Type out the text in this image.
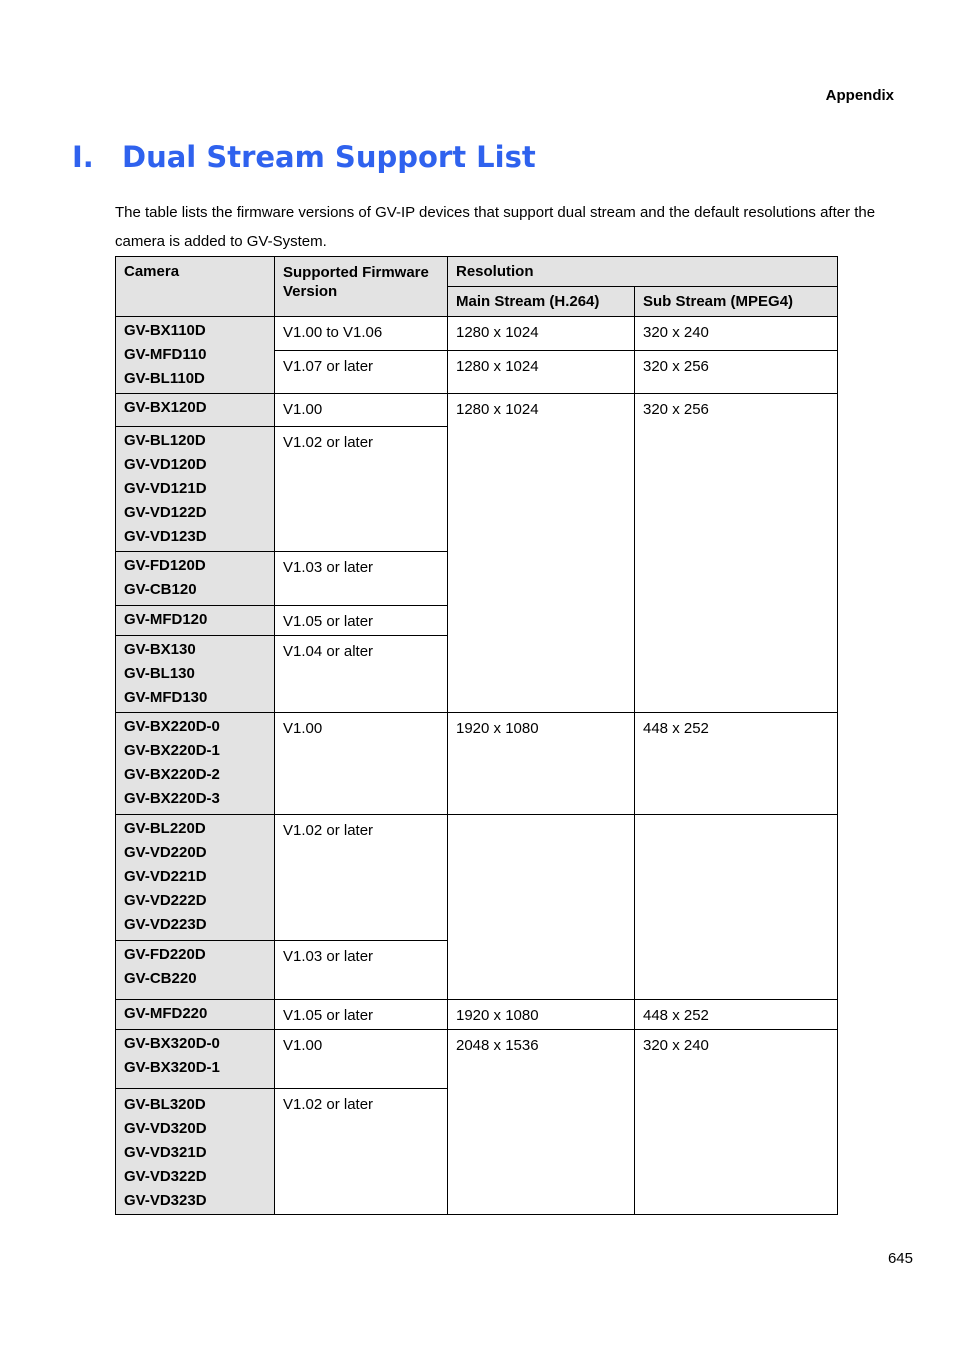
Appendix
I. Dual Stream Support List

The table lists the firmware versions of GV-IP devices that support dual stream and the default resolutions after the camera is added to GV-System.

Camera	Supported Firmware Version	Resolution	
		Main Stream (H.264)	Sub Stream (MPEG4)

GV-BX110D
GV-MFD110
GV-BL110D	V1.00 to V1.06	1280 x 1024	320 x 240
	V1.07 or later	1280 x 1024	320 x 256

GV-BX120D	V1.00	1280 x 1024	320 x 256

GV-BL120D
GV-VD120D
GV-VD121D
GV-VD122D
GV-VD123D	V1.02 or later		

GV-FD120D
GV-CB120	V1.03 or later		

GV-MFD120	V1.05 or later		

GV-BX130
GV-BL130
GV-MFD130	V1.04 or alter		

GV-BX220D-0
GV-BX220D-1
GV-BX220D-2
GV-BX220D-3	V1.00	1920 x 1080	448 x 252

GV-BL220D
GV-VD220D
GV-VD221D
GV-VD222D
GV-VD223D	V1.02 or later		

GV-FD220D
GV-CB220	V1.03 or later		

GV-MFD220	V1.05 or later	1920 x 1080	448 x 252

GV-BX320D-0
GV-BX320D-1	V1.00	2048 x 1536	320 x 240

GV-BL320D
GV-VD320D
GV-VD321D
GV-VD322D
GV-VD323D	V1.02 or later		
645
